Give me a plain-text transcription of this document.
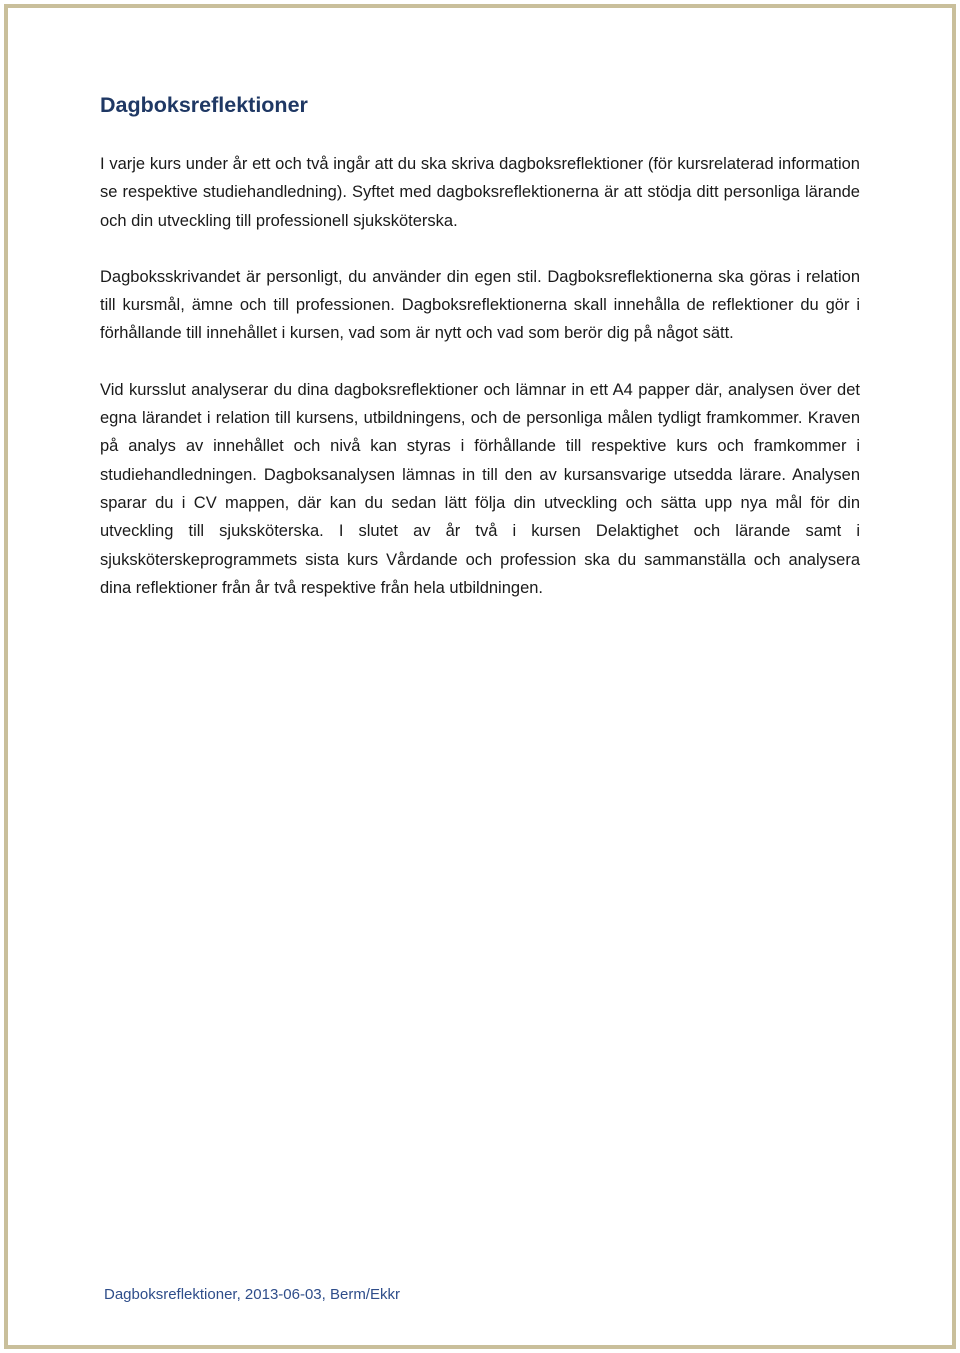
Dagboksreflektioner

I varje kurs under år ett och två ingår att du ska skriva dagboksreflektioner (för kursrelaterad information se respektive studiehandledning). Syftet med dagboksreflektionerna är att stödja ditt personliga lärande och din utveckling till professionell sjuksköterska.

Dagboksskrivandet är personligt, du använder din egen stil. Dagboksreflektionerna ska göras i relation till kursmål, ämne och till professionen. Dagboksreflektionerna skall innehålla de reflektioner du gör i förhållande till innehållet i kursen, vad som är nytt och vad som berör dig på något sätt.

Vid kursslut analyserar du dina dagboksreflektioner och lämnar in ett A4 papper där, analysen över det egna lärandet i relation till kursens, utbildningens, och de personliga målen tydligt framkommer. Kraven på analys av innehållet och nivå kan styras i förhållande till respektive kurs och framkommer i studiehandledningen. Dagboksanalysen lämnas in till den av kursansvarige utsedda lärare. Analysen sparar du i CV mappen, där kan du sedan lätt följa din utveckling och sätta upp nya mål för din utveckling till sjuksköterska. I slutet av år två i kursen Delaktighet och lärande samt i sjuksköterskeprogrammets sista kurs Vårdande och profession ska du sammanställa och analysera dina reflektioner från år två respektive från hela utbildningen.

Dagboksreflektioner, 2013-06-03, Berm/Ekkr
